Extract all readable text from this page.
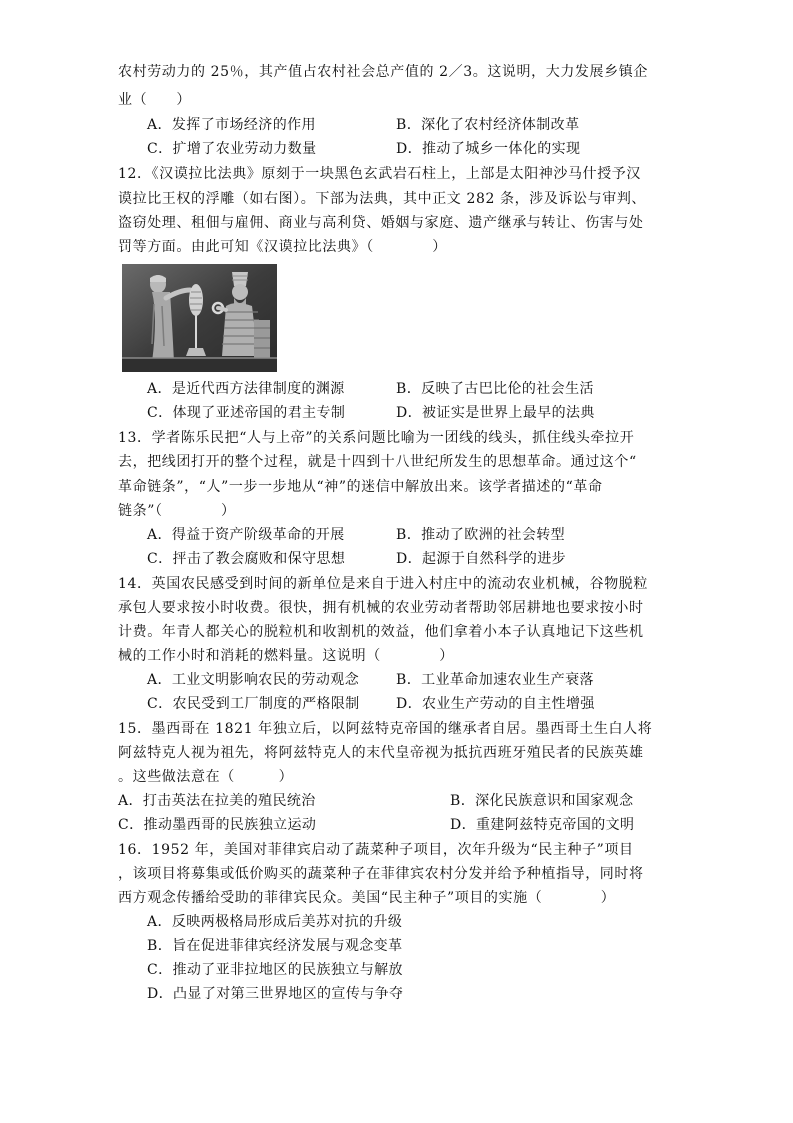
农村劳动力的 25％，其产值占农村社会总产值的 2／3。这说明，大力发展乡镇企
业（　　）
A．发挥了市场经济的作用	B．深化了农村经济体制改革
C．扩增了农业劳动力数量	D．推动了城乡一体化的实现
12．《汉谟拉比法典》原刻于一块黑色玄武岩石柱上，上部是太阳神沙马什授予汉
谟拉比王权的浮雕（如右图）。下部为法典，其中正文 282 条，涉及诉讼与审判、
盗窃处理、租佃与雇佣、商业与高利贷、婚姻与家庭、遗产继承与转让、伤害与处
罚等方面。由此可知《汉谟拉比法典》（　　　　）
A．是近代西方法律制度的渊源	B．反映了古巴比伦的社会生活
C．体现了亚述帝国的君主专制	D．被证实是世界上最早的法典
13．学者陈乐民把“人与上帝”的关系问题比喻为一团线的线头，抓住线头牵拉开
去，把线团打开的整个过程，就是十四到十八世纪所发生的思想革命。通过这个“
革命链条”，“人”一步一步地从“神”的迷信中解放出来。该学者描述的“革命
链条”（　　　　）
A．得益于资产阶级革命的开展	B．推动了欧洲的社会转型
C．抨击了教会腐败和保守思想	D．起源于自然科学的进步
14．英国农民感受到时间的新单位是来自于进入村庄中的流动农业机械，谷物脱粒
承包人要求按小时收费。很快，拥有机械的农业劳动者帮助邻居耕地也要求按小时
计费。年青人都关心的脱粒机和收割机的效益，他们拿着小本子认真地记下这些机
械的工作小时和消耗的燃料量。这说明（　　　　）
A．工业文明影响农民的劳动观念	B．工业革命加速农业生产衰落
C．农民受到工厂制度的严格限制	D．农业生产劳动的自主性增强
15．墨西哥在 1821 年独立后，以阿兹特克帝国的继承者自居。墨西哥土生白人将
阿兹特克人视为祖先，将阿兹特克人的末代皇帝视为抵抗西班牙殖民者的民族英雄
。这些做法意在（　　　）
A．打击英法在拉美的殖民统治	B．深化民族意识和国家观念
C．推动墨西哥的民族独立运动	D．重建阿兹特克帝国的文明
16．1952 年，美国对菲律宾启动了蔬菜种子项目，次年升级为“民主种子”项目
，该项目将募集或低价购买的蔬菜种子在菲律宾农村分发并给予种植指导，同时将
西方观念传播给受助的菲律宾民众。美国“民主种子”项目的实施（　　　　）
A．反映两极格局形成后美苏对抗的升级
B．旨在促进菲律宾经济发展与观念变革
C．推动了亚非拉地区的民族独立与解放
D．凸显了对第三世界地区的宣传与争夺
